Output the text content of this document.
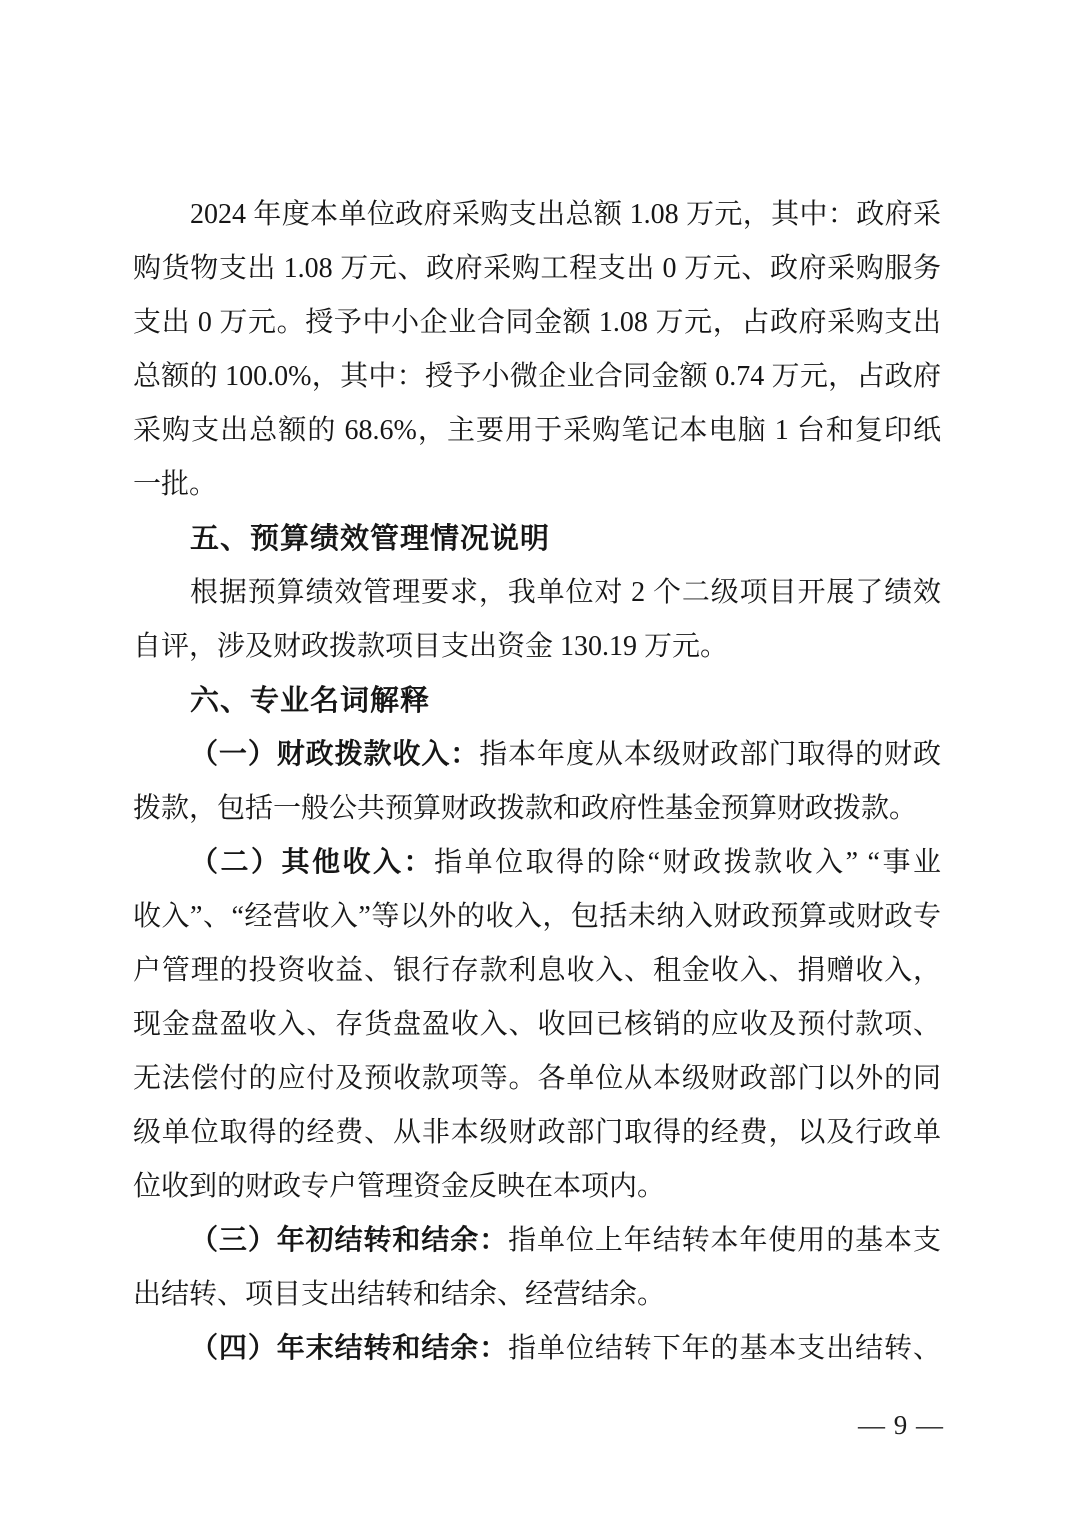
2024 年度本单位政府采购支出总额 1.08 万元，其中：政府采
购货物支出 1.08 万元、政府采购工程支出 0 万元、政府采购服务
支出 0 万元。授予中小企业合同金额 1.08 万元，占政府采购支出
总额的 100.0%，其中：授予小微企业合同金额 0.74 万元，占政府
采购支出总额的 68.6%，主要用于采购笔记本电脑 1 台和复印纸
一批。
五、预算绩效管理情况说明
根据预算绩效管理要求，我单位对 2 个二级项目开展了绩效
自评，涉及财政拨款项目支出资金 130.19 万元。
六、专业名词解释
（一）财政拨款收入：指本年度从本级财政部门取得的财政
拨款，包括一般公共预算财政拨款和政府性基金预算财政拨款。
（二）其他收入：指单位取得的除“财政拨款收入” “事业
收入”、“经营收入”等以外的收入，包括未纳入财政预算或财政专
户管理的投资收益、银行存款利息收入、租金收入、捐赠收入，
现金盘盈收入、存货盘盈收入、收回已核销的应收及预付款项、
无法偿付的应付及预收款项等。各单位从本级财政部门以外的同
级单位取得的经费、从非本级财政部门取得的经费，以及行政单
位收到的财政专户管理资金反映在本项内。
（三）年初结转和结余：指单位上年结转本年使用的基本支
出结转、项目支出结转和结余、经营结余。
（四）年末结转和结余：指单位结转下年的基本支出结转、
— 9 —
